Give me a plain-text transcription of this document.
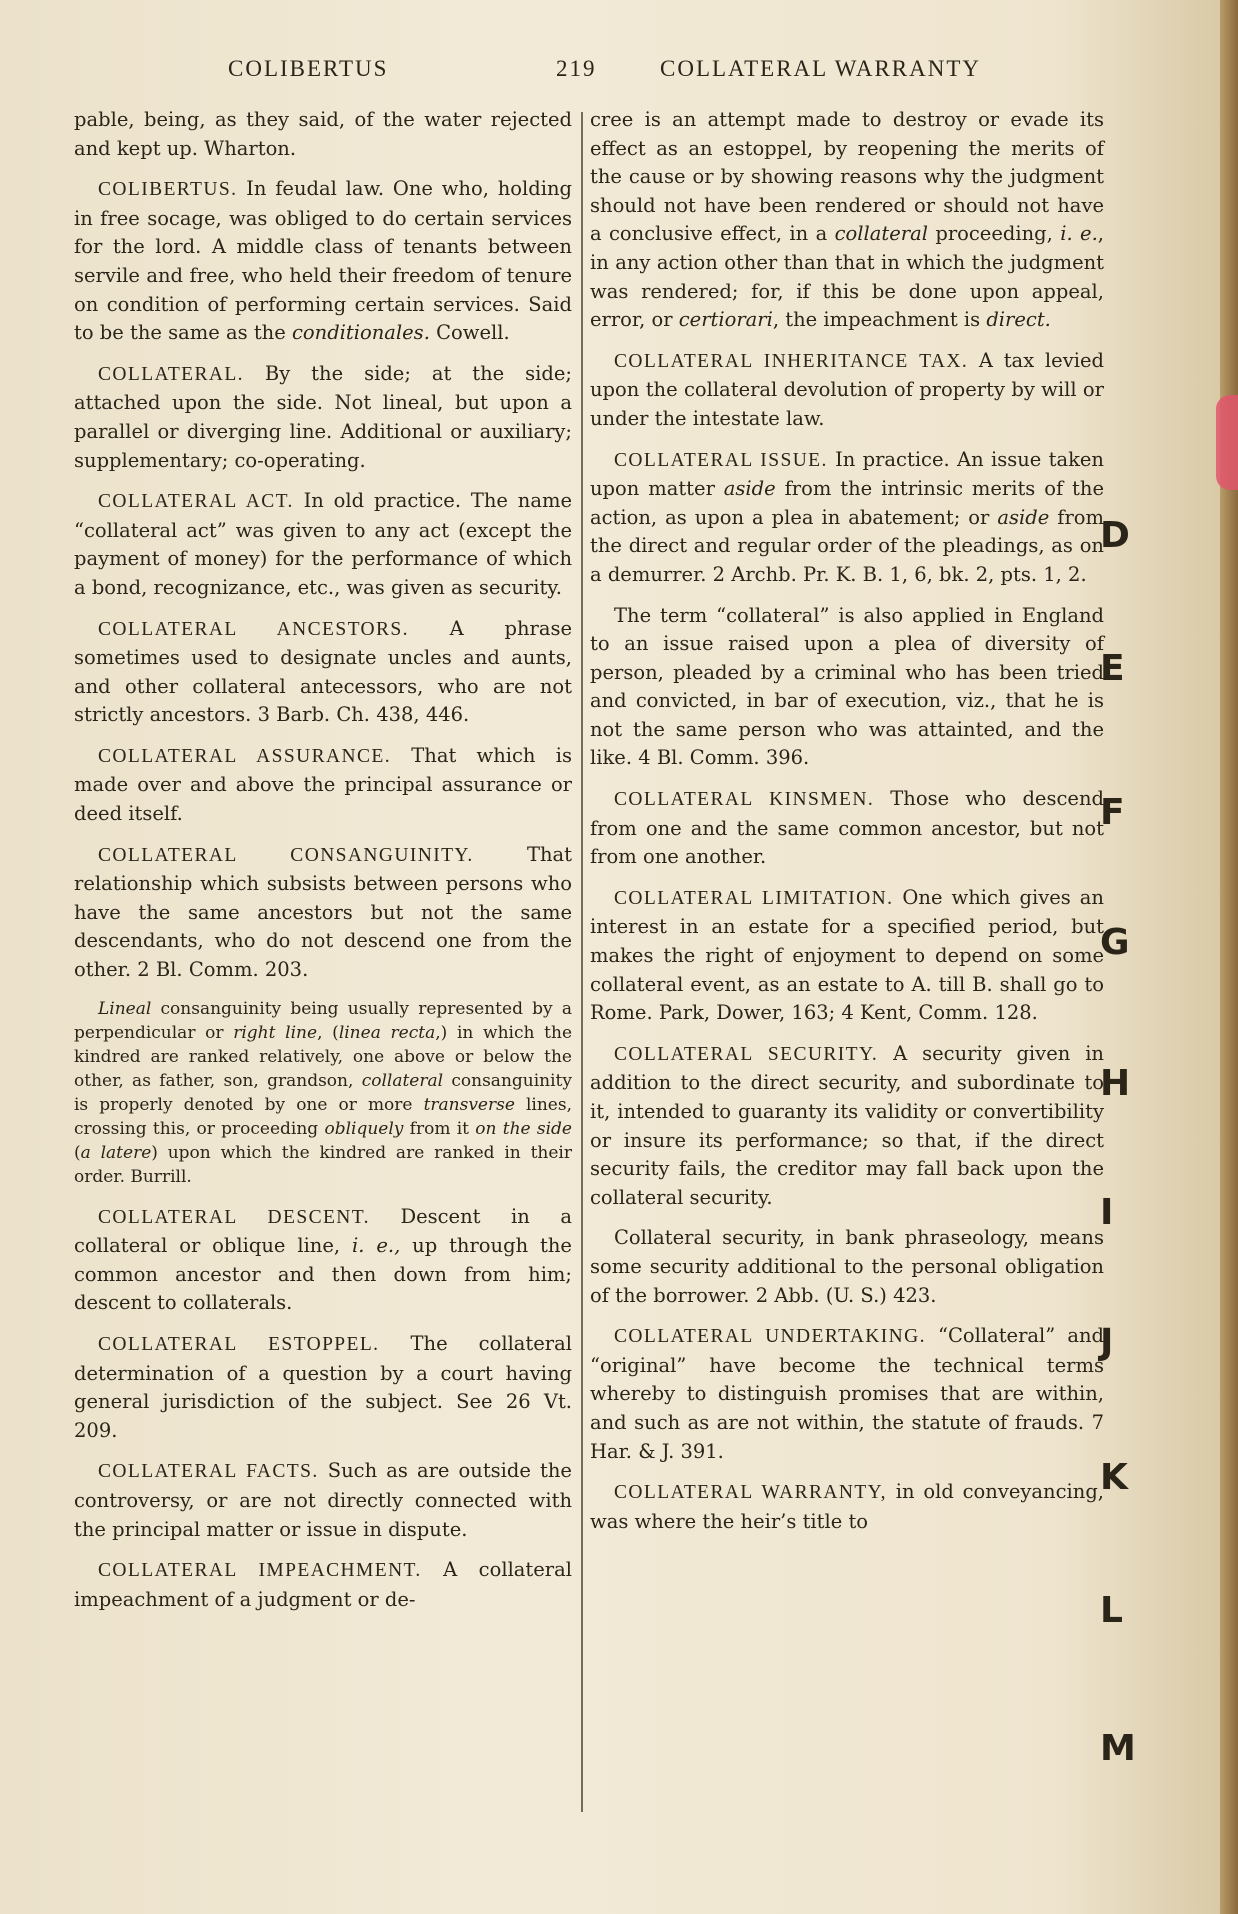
COLIBERTUS	219	COLLATERAL WARRANTY

pable, being, as they said, of the water rejected and kept up. Wharton.

COLIBERTUS. In feudal law. One who, holding in free socage, was obliged to do certain services for the lord. A middle class of tenants between servile and free, who held their freedom of tenure on condition of performing certain services. Said to be the same as the conditionales. Cowell.

COLLATERAL. By the side; at the side; attached upon the side. Not lineal, but upon a parallel or diverging line. Additional or auxiliary; supplementary; co-operating.

COLLATERAL ACT. In old practice. The name “collateral act” was given to any act (except the payment of money) for the performance of which a bond, recognizance, etc., was given as security.

COLLATERAL ANCESTORS. A phrase sometimes used to designate uncles and aunts, and other collateral antecessors, who are not strictly ancestors. 3 Barb. Ch. 438, 446.

COLLATERAL ASSURANCE. That which is made over and above the principal assurance or deed itself.

COLLATERAL CONSANGUINITY. That relationship which subsists between persons who have the same ancestors but not the same descendants, who do not descend one from the other. 2 Bl. Comm. 203.

Lineal consanguinity being usually represented by a perpendicular or right line, (linea recta,) in which the kindred are ranked relatively, one above or below the other, as father, son, grandson, collateral consanguinity is properly denoted by one or more transverse lines, crossing this, or proceeding obliquely from it on the side (a latere) upon which the kindred are ranked in their order. Burrill.

COLLATERAL DESCENT. Descent in a collateral or oblique line, i. e., up through the common ancestor and then down from him; descent to collaterals.

COLLATERAL ESTOPPEL. The collateral determination of a question by a court having general jurisdiction of the subject. See 26 Vt. 209.

COLLATERAL FACTS. Such as are outside the controversy, or are not directly connected with the principal matter or issue in dispute.

COLLATERAL IMPEACHMENT. A collateral impeachment of a judgment or de-

cree is an attempt made to destroy or evade its effect as an estoppel, by reopening the merits of the cause or by showing reasons why the judgment should not have been rendered or should not have a conclusive effect, in a collateral proceeding, i. e., in any action other than that in which the judgment was rendered; for, if this be done upon appeal, error, or certiorari, the impeachment is direct.

COLLATERAL INHERITANCE TAX. A tax levied upon the collateral devolution of property by will or under the intestate law.

COLLATERAL ISSUE. In practice. An issue taken upon matter aside from the intrinsic merits of the action, as upon a plea in abatement; or aside from the direct and regular order of the pleadings, as on a demurrer. 2 Archb. Pr. K. B. 1, 6, bk. 2, pts. 1, 2.

The term “collateral” is also applied in England to an issue raised upon a plea of diversity of person, pleaded by a criminal who has been tried and convicted, in bar of execution, viz., that he is not the same person who was attainted, and the like. 4 Bl. Comm. 396.

COLLATERAL KINSMEN. Those who descend from one and the same common ancestor, but not from one another.

COLLATERAL LIMITATION. One which gives an interest in an estate for a specified period, but makes the right of enjoyment to depend on some collateral event, as an estate to A. till B. shall go to Rome. Park, Dower, 163; 4 Kent, Comm. 128.

COLLATERAL SECURITY. A security given in addition to the direct security, and subordinate to it, intended to guaranty its validity or convertibility or insure its performance; so that, if the direct security fails, the creditor may fall back upon the collateral security.

Collateral security, in bank phraseology, means some security additional to the personal obligation of the borrower. 2 Abb. (U. S.) 423.

COLLATERAL UNDERTAKING. “Collateral” and “original” have become the technical terms whereby to distinguish promises that are within, and such as are not within, the statute of frauds. 7 Har. & J. 391.

COLLATERAL WARRANTY, in old conveyancing, was where the heir’s title to

D
E
F
G
H
I
J
K
L
M
